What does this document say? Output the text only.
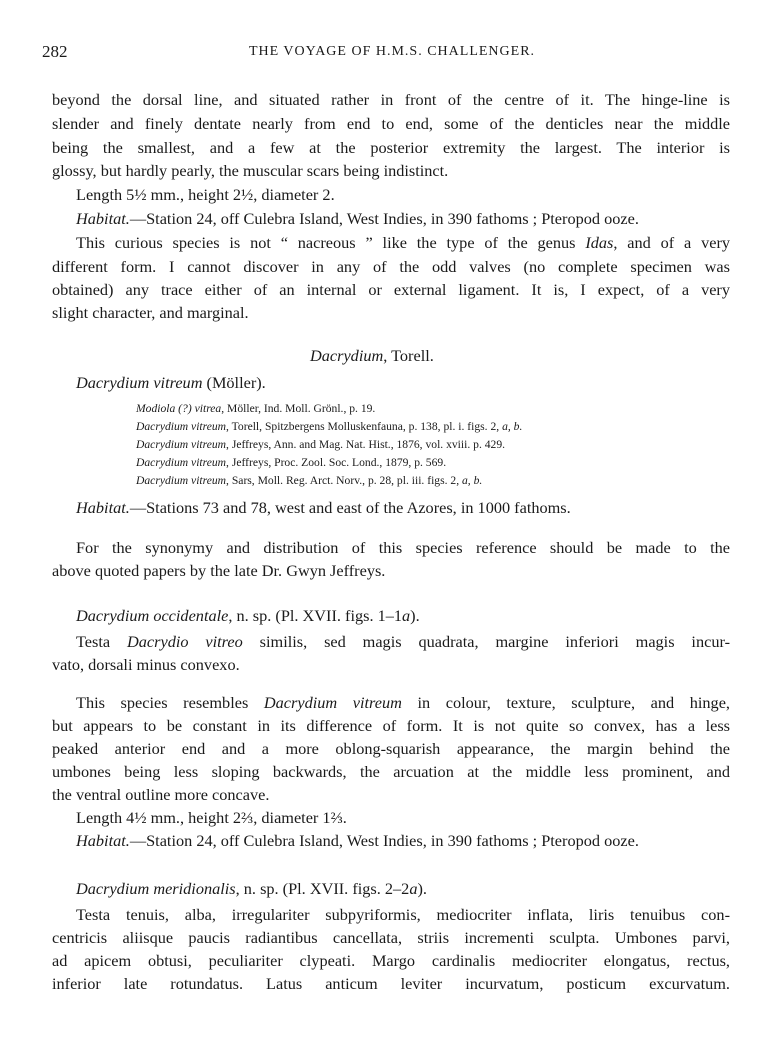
282	THE VOYAGE OF H.M.S. CHALLENGER.
beyond the dorsal line, and situated rather in front of the centre of it. The hinge-line is
slender and finely dentate nearly from end to end, some of the denticles near the middle
being the smallest, and a few at the posterior extremity the largest. The interior is
glossy, but hardly pearly, the muscular scars being indistinct.
Length 5½ mm., height 2½, diameter 2.
Habitat.—Station 24, off Culebra Island, West Indies, in 390 fathoms ; Pteropod ooze.
This curious species is not “ nacreous ” like the type of the genus Idas, and of a very
different form. I cannot discover in any of the odd valves (no complete specimen was
obtained) any trace either of an internal or external ligament. It is, I expect, of a very
slight character, and marginal.
Dacrydium, Torell.
Dacrydium vitreum (Möller).
Modiola (?) vitrea, Möller, Ind. Moll. Grönl., p. 19.
Dacrydium vitreum, Torell, Spitzbergens Molluskenfauna, p. 138, pl. i. figs. 2, a, b.
Dacrydium vitreum, Jeffreys, Ann. and Mag. Nat. Hist., 1876, vol. xviii. p. 429.
Dacrydium vitreum, Jeffreys, Proc. Zool. Soc. Lond., 1879, p. 569.
Dacrydium vitreum, Sars, Moll. Reg. Arct. Norv., p. 28, pl. iii. figs. 2, a, b.
Habitat.—Stations 73 and 78, west and east of the Azores, in 1000 fathoms.
For the synonymy and distribution of this species reference should be made to the
above quoted papers by the late Dr. Gwyn Jeffreys.
Dacrydium occidentale, n. sp. (Pl. XVII. figs. 1–1a).
Testa Dacrydio vitreo similis, sed magis quadrata, margine inferiori magis incur-
vato, dorsali minus convexo.
This species resembles Dacrydium vitreum in colour, texture, sculpture, and hinge,
but appears to be constant in its difference of form. It is not quite so convex, has a less
peaked anterior end and a more oblong-squarish appearance, the margin behind the
umbones being less sloping backwards, the arcuation at the middle less prominent, and
the ventral outline more concave.
Length 4½ mm., height 2⅔, diameter 1⅔.
Habitat.—Station 24, off Culebra Island, West Indies, in 390 fathoms ; Pteropod ooze.
Dacrydium meridionalis, n. sp. (Pl. XVII. figs. 2–2a).
Testa tenuis, alba, irregulariter subpyriformis, mediocriter inflata, liris tenuibus con-
centricis aliisque paucis radiantibus cancellata, striis incrementi sculpta. Umbones parvi,
ad apicem obtusi, peculiariter clypeati. Margo cardinalis mediocriter elongatus, rectus,
inferior late rotundatus. Latus anticum leviter incurvatum, posticum excurvatum.
